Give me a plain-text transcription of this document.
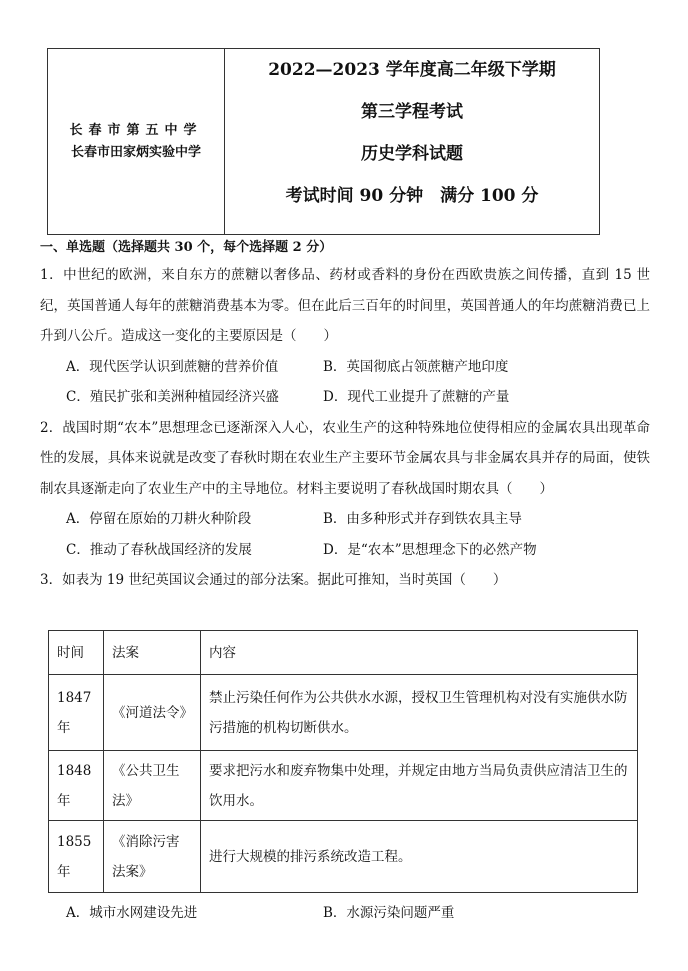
长春市第五中学
长春市田家炳实验中学
2022—2023 学年度高二年级下学期
第三学程考试
历史学科试题
考试时间 90 分钟　满分 100 分
一、单选题（选择题共 30 个，每个选择题 2 分）
1．中世纪的欧洲，来自东方的蔗糖以奢侈品、药材或香料的身份在西欧贵族之间传播，直到 15 世纪，英国普通人每年的蔗糖消费基本为零。但在此后三百年的时间里，英国普通人的年均蔗糖消费已上升到八公斤。造成这一变化的主要原因是（　　）
A．现代医学认识到蔗糖的营养价值	B．英国彻底占领蔗糖产地印度
C．殖民扩张和美洲种植园经济兴盛	D．现代工业提升了蔗糖的产量
2．战国时期“农本”思想理念已逐渐深入人心，农业生产的这种特殊地位使得相应的金属农具出现革命性的发展，具体来说就是改变了春秋时期在农业生产主要环节金属农具与非金属农具并存的局面，使铁制农具逐渐走向了农业生产中的主导地位。材料主要说明了春秋战国时期农具（　　）
A．停留在原始的刀耕火种阶段	B．由多种形式并存到铁农具主导
C．推动了春秋战国经济的发展	D．是“农本”思想理念下的必然产物
3．如表为 19 世纪英国议会通过的部分法案。据此可推知，当时英国（　　）
时间	法案	内容
1847 年	《河道法令》	禁止污染任何作为公共供水水源，授权卫生管理机构对没有实施供水防污措施的机构切断供水。
1848 年	《公共卫生法》	要求把污水和废弃物集中处理，并规定由地方当局负责供应清洁卫生的饮用水。
1855 年	《消除污害法案》	进行大规模的排污系统改造工程。
A．城市水网建设先进	B．水源污染问题严重
